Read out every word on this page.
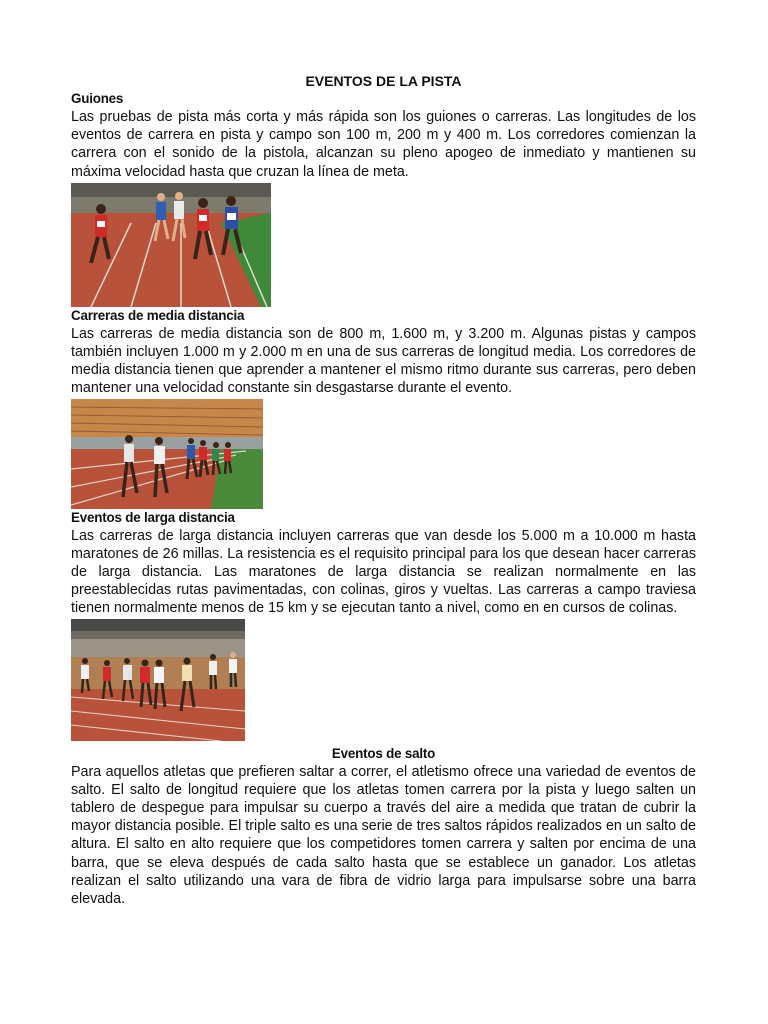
EVENTOS DE LA PISTA
Guiones

Las pruebas de pista más corta y más rápida son los guiones o carreras. Las longitudes de los eventos de carrera en pista y campo son 100 m, 200 m y 400 m. Los corredores comienzan la carrera con el sonido de la pistola, alcanzan su pleno apogeo de inmediato y mantienen su máxima velocidad hasta que cruzan la línea de meta.

Carreras de media distancia

Las carreras de media distancia son de 800 m, 1.600 m, y 3.200 m. Algunas pistas y campos también incluyen 1.000 m y 2.000 m en una de sus carreras de longitud media. Los corredores de media distancia tienen que aprender a mantener el mismo ritmo durante sus carreras, pero deben mantener una velocidad constante sin desgastarse durante el evento.

Eventos de larga distancia

Las carreras de larga distancia incluyen carreras que van desde los 5.000 m a 10.000 m hasta maratones de 26 millas. La resistencia es el requisito principal para los que desean hacer carreras de larga distancia. Las maratones de larga distancia se realizan normalmente en las preestablecidas rutas pavimentadas, con colinas, giros y vueltas. Las carreras a campo traviesa tienen normalmente menos de 15 km y se ejecutan tanto a nivel, como en en cursos de colinas.

Eventos de salto

Para aquellos atletas que prefieren saltar a correr, el atletismo ofrece una variedad de eventos de salto. El salto de longitud requiere que los atletas tomen carrera por la pista y luego salten un tablero de despegue para impulsar su cuerpo a través del aire a medida que tratan de cubrir la mayor distancia posible. El triple salto es una serie de tres saltos rápidos realizados en un salto de altura. El salto en alto requiere que los competidores tomen carrera y salten por encima de una barra, que se eleva después de cada salto hasta que se establece un ganador. Los atletas realizan el salto utilizando una vara de fibra de vidrio larga para impulsarse sobre una barra elevada.
